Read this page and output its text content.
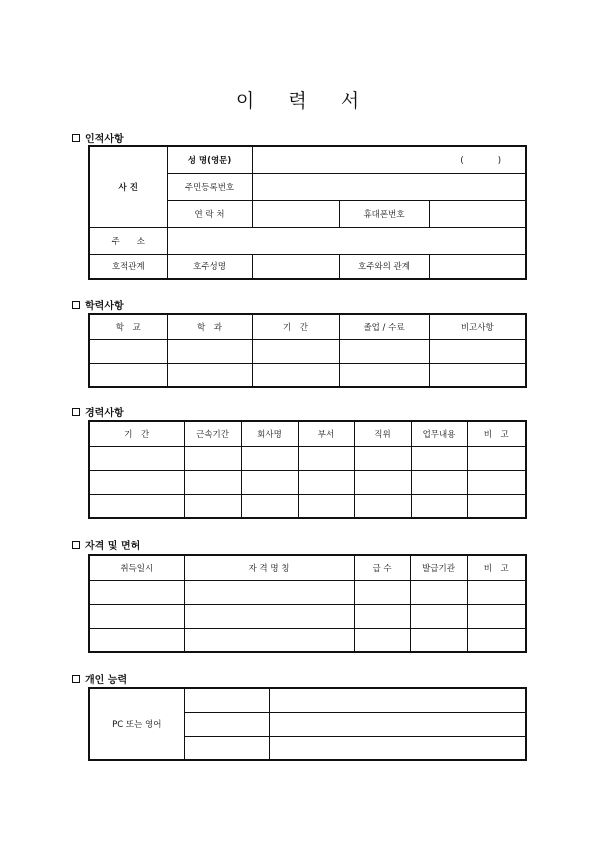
이 력 서
인적사항
사 진	성 명(영문)	(　　　　)		
	주민등록번호			
	연 락 처		휴대폰번호	
주　　소				
호적관계	호주성명		호주와의 관계	
학력사항
학　교	학　과	기　간	졸업 / 수료	비고사항

경력사항
기　간	근속기간	회사명	부서	직위	업무내용	비　고

자격 및 면허
취득일시	자 격 명 칭	급 수	발급기관	비　고

개인 능력
PC 또는 영어		
